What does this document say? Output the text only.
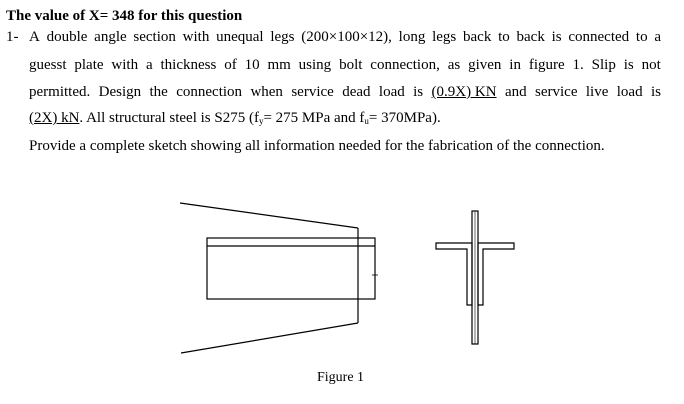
The value of X= 348 for this question
1- A double angle section with unequal legs (200×100×12), long legs back to back is connected to a
guesst plate with a thickness of 10 mm using bolt connection, as given in figure 1. Slip is not
permitted. Design the connection when service dead load is (0.9X) KN and service live load is
(2X) kN. All structural steel is S275 ($f_y= 275$ MPa and $f_u= 370MPa$).
Provide a complete sketch showing all information needed for the fabrication of the connection.
Figure 1
